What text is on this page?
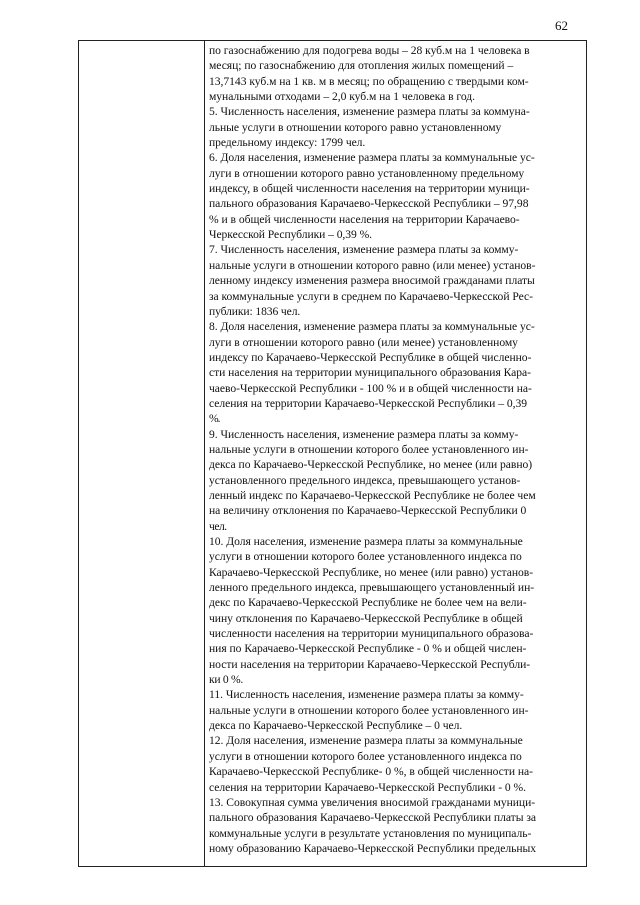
62
по газоснабжению для подогрева воды – 28 куб.м на 1 человека в
месяц; по газоснабжению для отопления жилых помещений –
13,7143 куб.м на 1 кв. м в месяц; по обращению с твердыми ком-
мунальными отходами – 2,0 куб.м на 1 человека в год.
5. Численность населения, изменение размера платы за коммуна-
льные услуги в отношении которого равно установленному
предельному индексу: 1799 чел.
6. Доля населения, изменение размера платы за коммунальные ус-
луги в отношении которого равно установленному предельному
индексу, в общей численности населения на территории муници-
пального образования Карачаево-Черкесской Республики – 97,98
% и в общей численности населения на территории Карачаево-
Черкесской Республики – 0,39 %.
7. Численность населения, изменение размера платы за комму-
нальные услуги в отношении которого равно (или менее) установ-
ленному индексу изменения размера вносимой гражданами платы
за коммунальные услуги в среднем по Карачаево-Черкесской Рес-
публики: 1836 чел.
8. Доля населения, изменение размера платы за коммунальные ус-
луги в отношении которого равно (или менее) установленному
индексу по Карачаево-Черкесской Республике в общей численно-
сти населения на территории муниципального образования Кара-
чаево-Черкесской Республики - 100 % и в общей численности на-
селения на территории Карачаево-Черкесской Республики – 0,39
%.
9. Численность населения, изменение размера платы за комму-
нальные услуги в отношении которого более установленного ин-
декса по Карачаево-Черкесской Республике, но менее (или равно)
установленного предельного индекса, превышающего установ-
ленный индекс по Карачаево-Черкесской Республике не более чем
на величину отклонения по Карачаево-Черкесской Республики 0
чел.
10. Доля населения, изменение размера платы за коммунальные
услуги в отношении которого более установленного индекса по
Карачаево-Черкесской Республике, но менее (или равно) установ-
ленного предельного индекса, превышающего установленный ин-
декс по Карачаево-Черкесской Республике не более чем на вели-
чину отклонения по Карачаево-Черкесской Республике в общей
численности населения на территории муниципального образова-
ния по Карачаево-Черкесской Республике - 0 % и общей числен-
ности населения на территории Карачаево-Черкесской Республи-
ки 0 %.
11. Численность населения, изменение размера платы за комму-
нальные услуги в отношении которого более установленного ин-
декса по Карачаево-Черкесской Республике – 0 чел.
12. Доля населения, изменение размера платы за коммунальные
услуги в отношении которого более установленного индекса по
Карачаево-Черкесской Республике- 0 %, в общей численности на-
селения на территории Карачаево-Черкесской Республики - 0 %.
13. Совокупная сумма увеличения вносимой гражданами муници-
пального образования Карачаево-Черкесской Республики платы за
коммунальные услуги в результате установления по муниципаль-
ному образованию Карачаево-Черкесской Республики предельных
